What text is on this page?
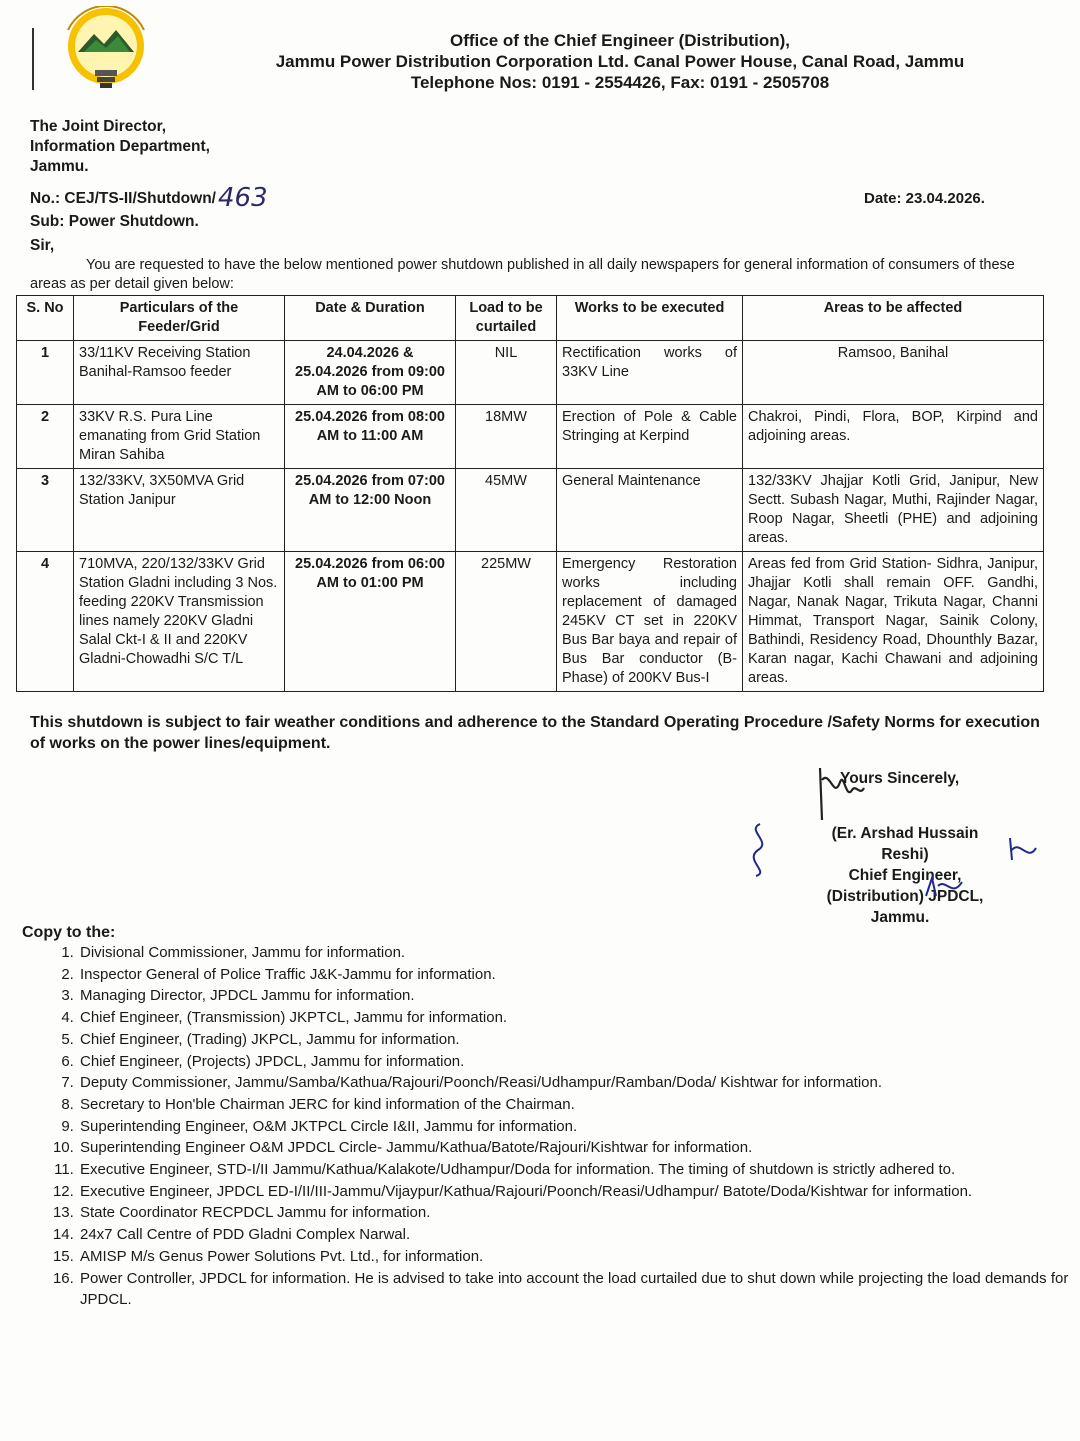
Office of the Chief Engineer (Distribution),
Jammu Power Distribution Corporation Ltd. Canal Power House, Canal Road, Jammu
Telephone Nos: 0191 - 2554426, Fax: 0191 - 2505708
The Joint Director,
Information Department,
Jammu.
No.: CEJ/TS-II/Shutdown/463	Date: 23.04.2026.
Sub: Power Shutdown.
Sir,
You are requested to have the below mentioned power shutdown published in all daily newspapers for general information of consumers of these areas as per detail given below:
S. No	Particulars of the Feeder/Grid	Date & Duration	Load to be curtailed	Works to be executed	Areas to be affected
1	33/11KV Receiving Station Banihal-Ramsoo feeder	24.04.2026 & 25.04.2026 from 09:00 AM to 06:00 PM	NIL	Rectification works of 33KV Line	Ramsoo, Banihal
2	33KV R.S. Pura Line emanating from Grid Station Miran Sahiba	25.04.2026 from 08:00 AM to 11:00 AM	18MW	Erection of Pole & Cable Stringing at Kerpind	Chakroi, Pindi, Flora, BOP, Kirpind and adjoining areas.
3	132/33KV, 3X50MVA Grid Station Janipur	25.04.2026 from 07:00 AM to 12:00 Noon	45MW	General Maintenance	132/33KV Jhajjar Kotli Grid, Janipur, New Sectt. Subash Nagar, Muthi, Rajinder Nagar, Roop Nagar, Sheetli (PHE) and adjoining areas.
4	710MVA, 220/132/33KV Grid Station Gladni including 3 Nos. feeding 220KV Transmission lines namely 220KV Gladni Salal Ckt-I & II and 220KV Gladni-Chowadhi S/C T/L	25.04.2026 from 06:00 AM to 01:00 PM	225MW	Emergency Restoration works including replacement of damaged 245KV CT set in 220KV Bus Bar baya and repair of Bus Bar conductor (B-Phase) of 200KV Bus-I	Areas fed from Grid Station- Sidhra, Janipur, Jhajjar Kotli shall remain OFF. Gandhi, Nagar, Nanak Nagar, Trikuta Nagar, Channi Himmat, Transport Nagar, Sainik Colony, Bathindi, Residency Road, Dhounthly Bazar, Karan nagar, Kachi Chawani and adjoining areas.
This shutdown is subject to fair weather conditions and adherence to the Standard Operating Procedure /Safety Norms for execution of works on the power lines/equipment.
Yours Sincerely,
(Er. Arshad Hussain Reshi)
Chief Engineer,
(Distribution) JPDCL,
Jammu.
Copy to the:
1. Divisional Commissioner, Jammu for information.
2. Inspector General of Police Traffic J&K-Jammu for information.
3. Managing Director, JPDCL Jammu for information.
4. Chief Engineer, (Transmission) JKPTCL, Jammu for information.
5. Chief Engineer, (Trading) JKPCL, Jammu for information.
6. Chief Engineer, (Projects) JPDCL, Jammu for information.
7. Deputy Commissioner, Jammu/Samba/Kathua/Rajouri/Poonch/Reasi/Udhampur/Ramban/Doda/ Kishtwar for information.
8. Secretary to Hon'ble Chairman JERC for kind information of the Chairman.
9. Superintending Engineer, O&M JKTPCL Circle I&II, Jammu for information.
10. Superintending Engineer O&M JPDCL Circle- Jammu/Kathua/Batote/Rajouri/Kishtwar for information.
11. Executive Engineer, STD-I/II Jammu/Kathua/Kalakote/Udhampur/Doda for information. The timing of shutdown is strictly adhered to.
12. Executive Engineer, JPDCL ED-I/II/III-Jammu/Vijaypur/Kathua/Rajouri/Poonch/Reasi/Udhampur/ Batote/Doda/Kishtwar for information.
13. State Coordinator RECPDCL Jammu for information.
14. 24x7 Call Centre of PDD Gladni Complex Narwal.
15. AMISP M/s Genus Power Solutions Pvt. Ltd., for information.
16. Power Controller, JPDCL for information. He is advised to take into account the load curtailed due to shut down while projecting the load demands for JPDCL.
